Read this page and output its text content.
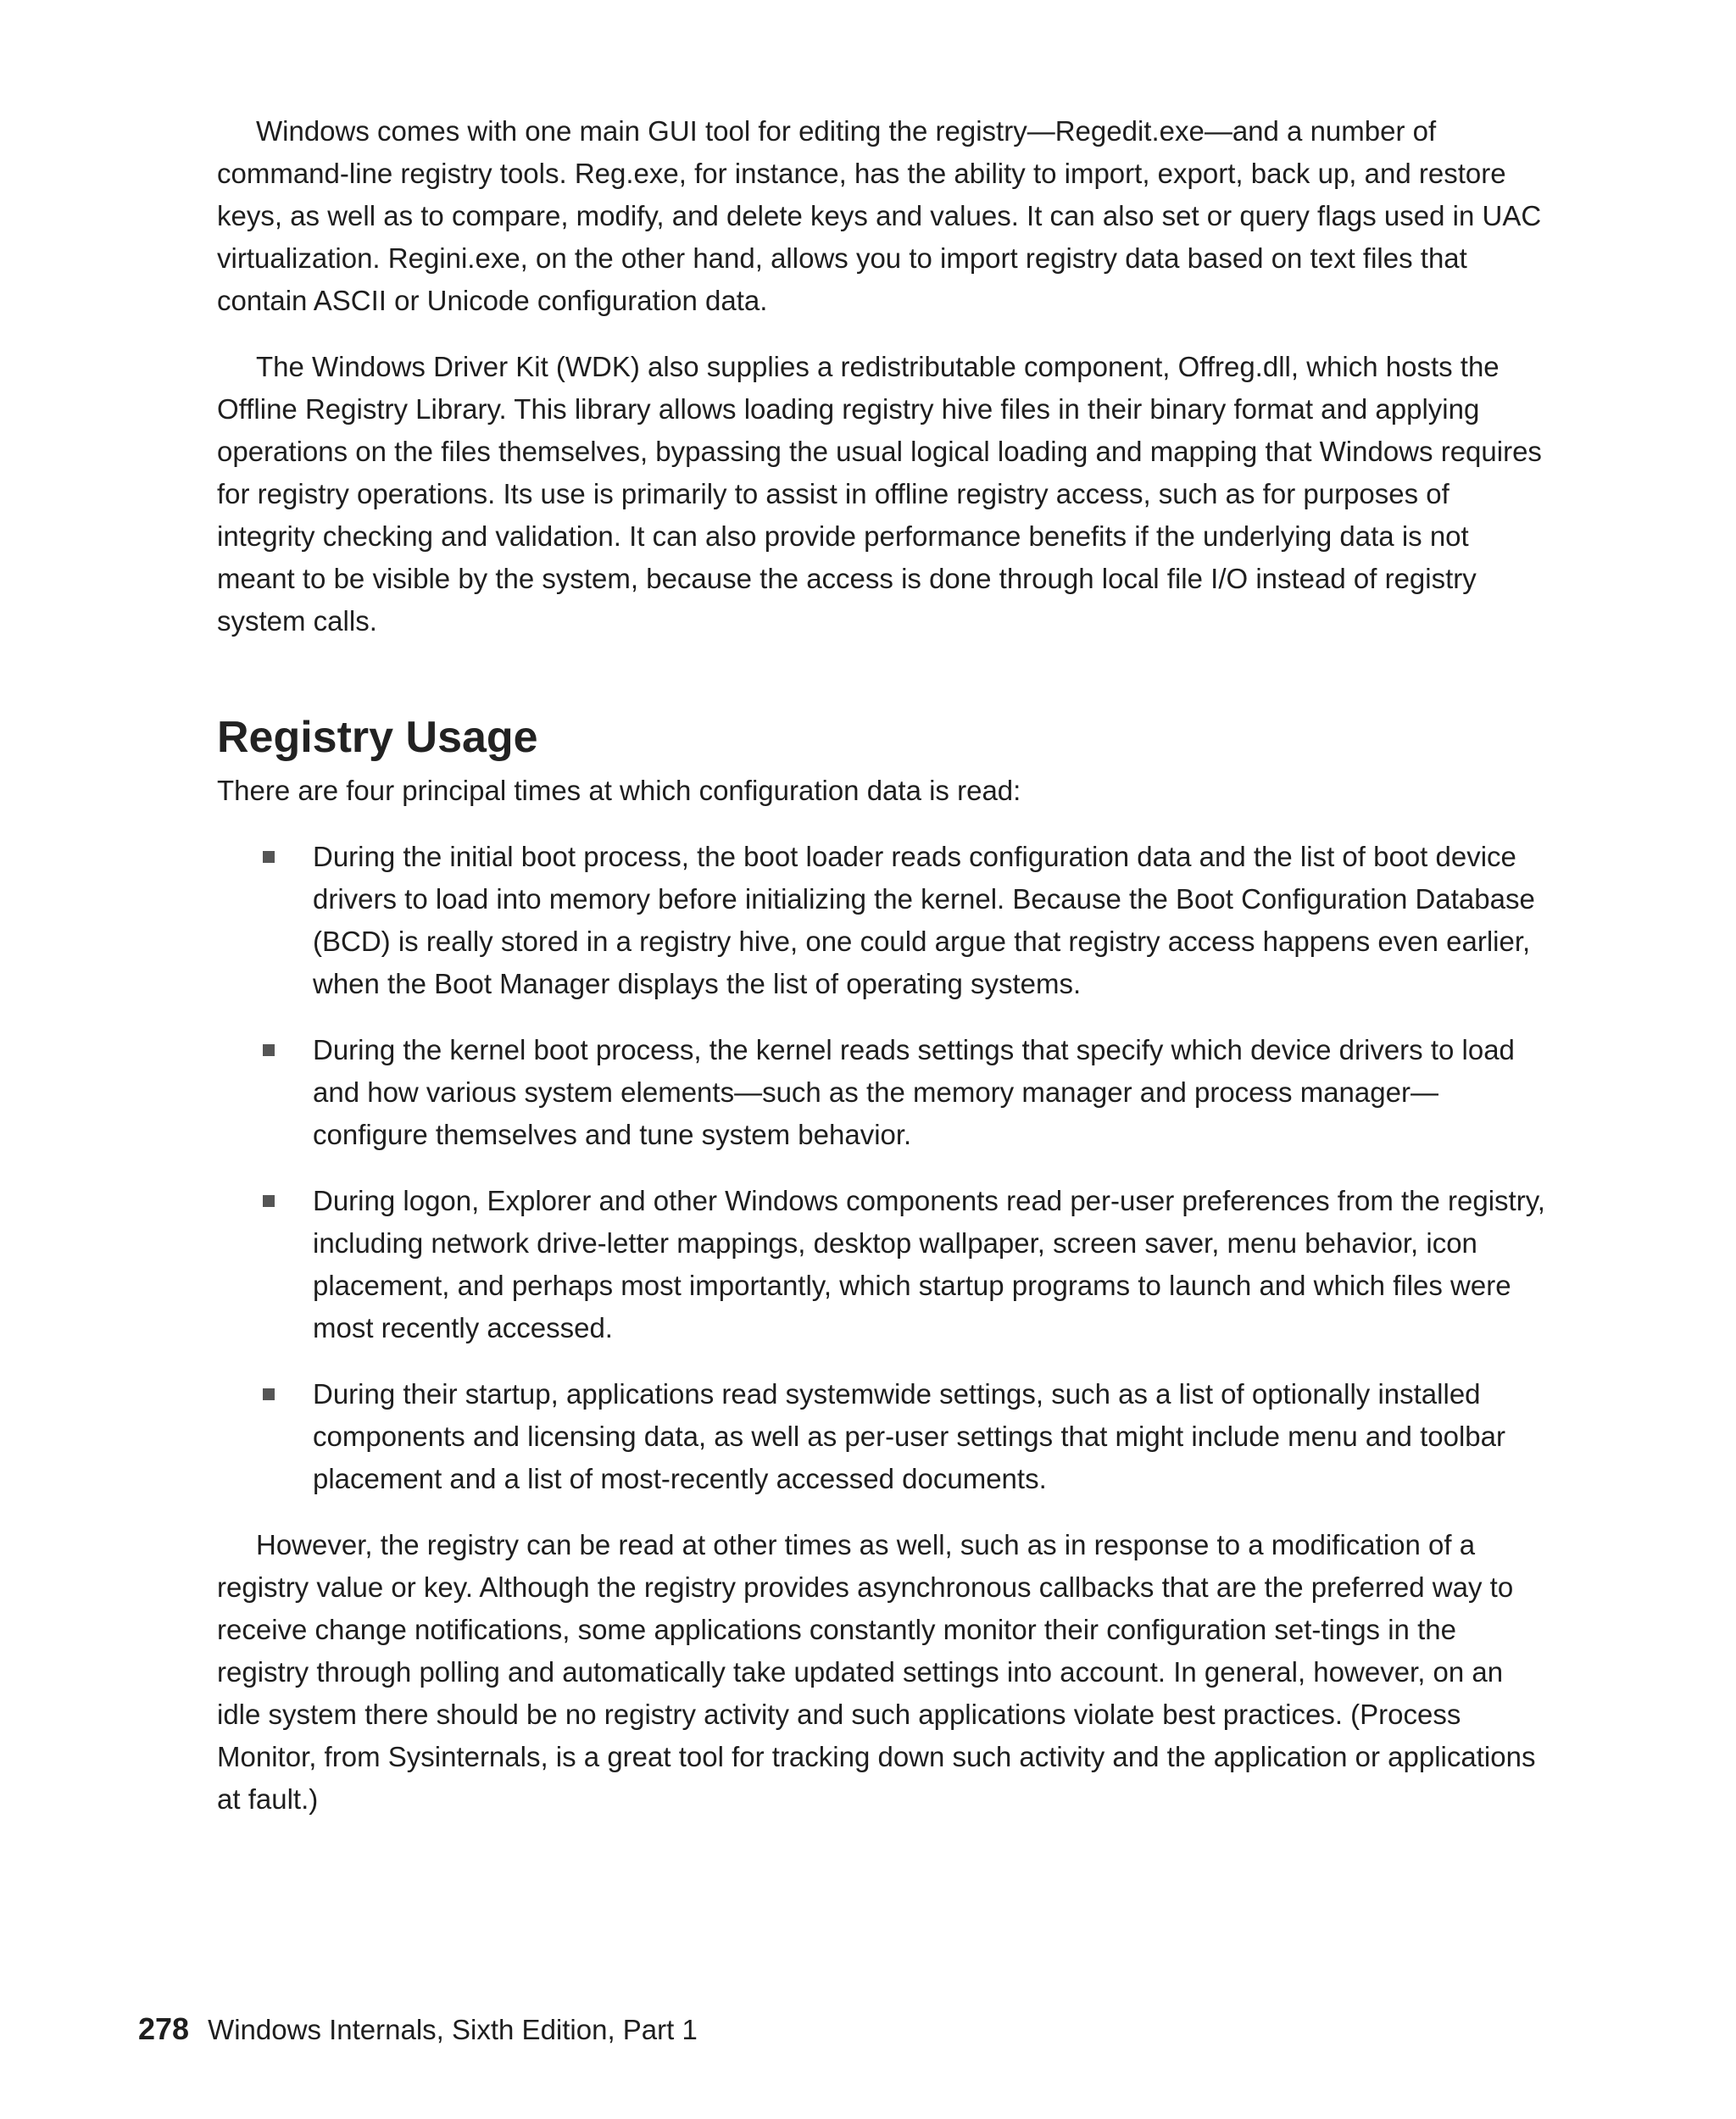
Windows comes with one main GUI tool for editing the registry—Regedit.exe—and a number of command-line registry tools. Reg.exe, for instance, has the ability to import, export, back up, and restore keys, as well as to compare, modify, and delete keys and values. It can also set or query flags used in UAC virtualization. Regini.exe, on the other hand, allows you to import registry data based on text files that contain ASCII or Unicode configuration data.

The Windows Driver Kit (WDK) also supplies a redistributable component, Offreg.dll, which hosts the Offline Registry Library. This library allows loading registry hive files in their binary format and applying operations on the files themselves, bypassing the usual logical loading and mapping that Windows requires for registry operations. Its use is primarily to assist in offline registry access, such as for purposes of integrity checking and validation. It can also provide performance benefits if the underlying data is not meant to be visible by the system, because the access is done through local file I/O instead of registry system calls.

Registry Usage

There are four principal times at which configuration data is read:

During the initial boot process, the boot loader reads configuration data and the list of boot device drivers to load into memory before initializing the kernel. Because the Boot Configuration Database (BCD) is really stored in a registry hive, one could argue that registry access happens even earlier, when the Boot Manager displays the list of operating systems.
During the kernel boot process, the kernel reads settings that specify which device drivers to load and how various system elements—such as the memory manager and process manager—configure themselves and tune system behavior.
During logon, Explorer and other Windows components read per-user preferences from the registry, including network drive-letter mappings, desktop wallpaper, screen saver, menu behavior, icon placement, and perhaps most importantly, which startup programs to launch and which files were most recently accessed.
During their startup, applications read systemwide settings, such as a list of optionally installed components and licensing data, as well as per-user settings that might include menu and toolbar placement and a list of most-recently accessed documents.

However, the registry can be read at other times as well, such as in response to a modification of a registry value or key. Although the registry provides asynchronous callbacks that are the preferred way to receive change notifications, some applications constantly monitor their configuration set-tings in the registry through polling and automatically take updated settings into account. In general, however, on an idle system there should be no registry activity and such applications violate best practices. (Process Monitor, from Sysinternals, is a great tool for tracking down such activity and the application or applications at fault.)

278 Windows Internals, Sixth Edition, Part 1
